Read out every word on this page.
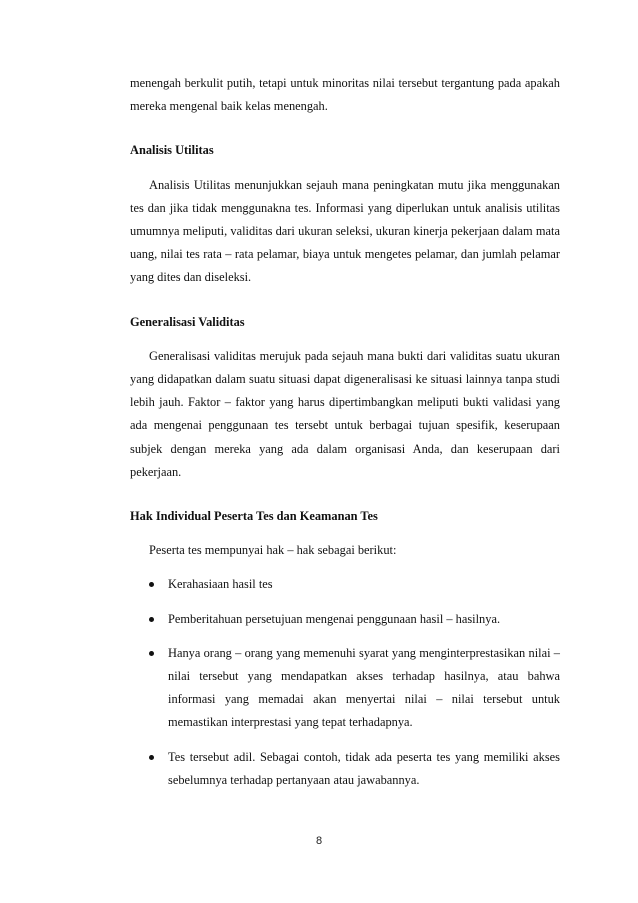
menengah berkulit putih, tetapi untuk minoritas nilai tersebut tergantung pada apakah mereka mengenal baik kelas menengah.

Analisis Utilitas

Analisis Utilitas menunjukkan sejauh mana peningkatan mutu jika menggunakan tes dan jika tidak menggunakna tes. Informasi yang diperlukan untuk analisis utilitas umumnya meliputi, validitas dari ukuran seleksi, ukuran kinerja pekerjaan dalam mata uang, nilai tes rata – rata pelamar, biaya untuk mengetes pelamar, dan jumlah pelamar yang dites dan diseleksi.

Generalisasi Validitas

Generalisasi validitas merujuk pada sejauh mana bukti dari validitas suatu ukuran yang didapatkan dalam suatu situasi dapat digeneralisasi ke situasi lainnya tanpa studi lebih jauh. Faktor – faktor yang harus dipertimbangkan meliputi bukti validasi yang ada mengenai penggunaan tes tersebt untuk berbagai tujuan spesifik, keserupaan subjek dengan mereka yang ada dalam organisasi Anda, dan keserupaan dari pekerjaan.

Hak Individual Peserta Tes dan Keamanan Tes

Peserta tes mempunyai hak – hak sebagai berikut:

Kerahasiaan hasil tes
Pemberitahuan persetujuan mengenai penggunaan hasil – hasilnya.
Hanya orang – orang yang memenuhi syarat yang menginterprestasikan nilai – nilai tersebut yang mendapatkan akses terhadap hasilnya, atau bahwa informasi yang memadai akan menyertai nilai – nilai tersebut untuk memastikan interprestasi yang tepat terhadapnya.
Tes tersebut adil. Sebagai contoh, tidak ada peserta tes yang memiliki akses sebelumnya terhadap pertanyaan atau jawabannya.
8
